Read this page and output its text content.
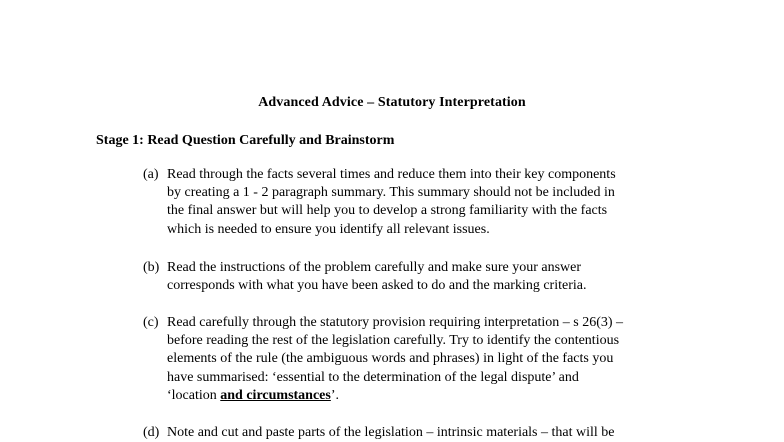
Advanced Advice – Statutory Interpretation
Stage 1: Read Question Carefully and Brainstorm
(a) Read through the facts several times and reduce them into their key components
by creating a 1 - 2 paragraph summary. This summary should not be included in
the final answer but will help you to develop a strong familiarity with the facts
which is needed to ensure you identify all relevant issues.
(b) Read the instructions of the problem carefully and make sure your answer
corresponds with what you have been asked to do and the marking criteria.
(c) Read carefully through the statutory provision requiring interpretation – s 26(3) –
before reading the rest of the legislation carefully. Try to identify the contentious
elements of the rule (the ambiguous words and phrases) in light of the facts you
have summarised: ‘essential to the determination of the legal dispute’ and
‘location and circumstances’.
(d) Note and cut and paste parts of the legislation – intrinsic materials – that will be
